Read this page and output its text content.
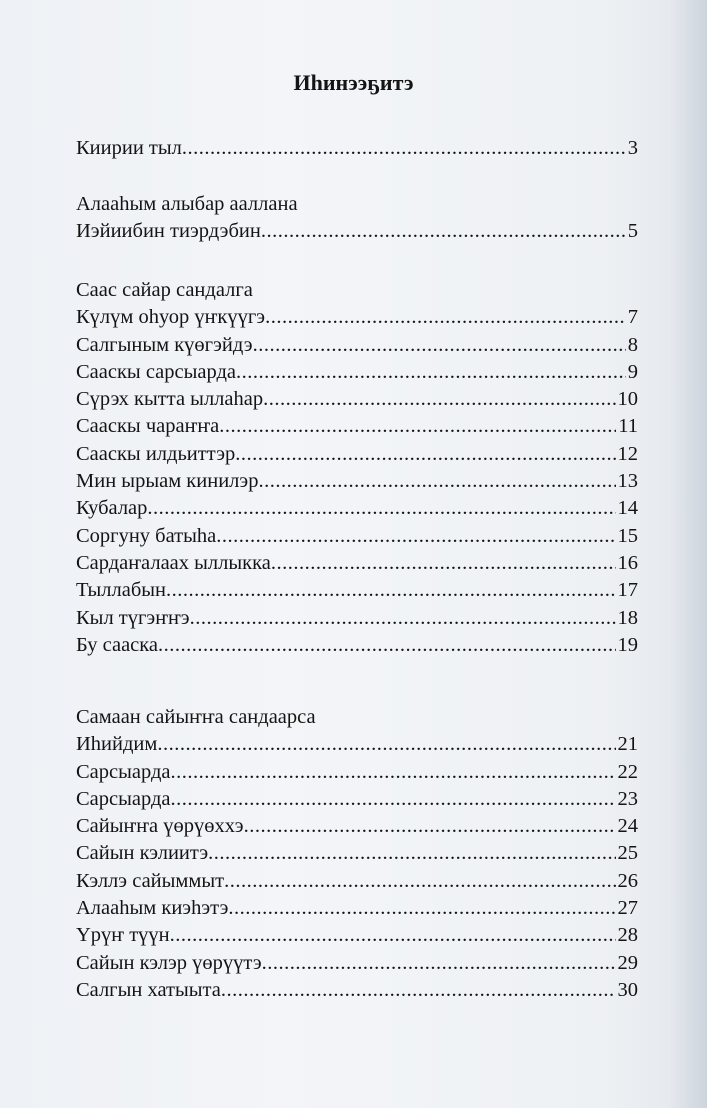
Иhинээҕитэ
Киирии тыл .....	3
Алааhым алыбар ааллана
Иэйиибин тиэрдэбин .....	5
Саас сайар сандалга
Күлүм оhуор үҥкүүгэ .....	7
Салгыным күөгэйдэ .....	8
Сааскы сарсыарда .....	9
Сүрэх кытта ыллаhар .....	10
Сааскы чараҥҥа .....	11
Сааскы илдьиттэр .....	12
Мин ырыам кинилэр .....	13
Кубалар .....	14
Соргуну батыhа .....	15
Сардаҥалаах ыллыкка .....	16
Тыллабын .....	17
Кыл түгэҥҥэ .....	18
Бу сааска .....	19
Самаан сайыҥҥа сандаарса
Иhийдим .....	21
Сарсыарда .....	22
Сарсыарда .....	23
Сайыҥҥа үөрүөххэ .....	24
Сайын кэлиитэ .....	25
Кэллэ сайыммыт .....	26
Алааhым киэhэтэ .....	27
Үрүҥ түүн .....	28
Сайын кэлэр үөрүүтэ .....	29
Салгын хатыыта .....	30
